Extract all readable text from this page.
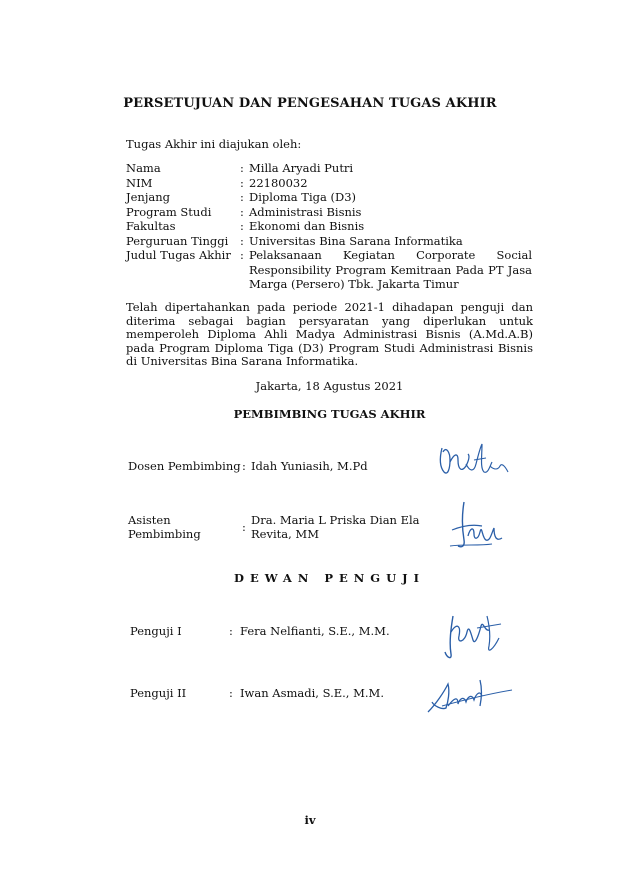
PERSETUJUAN DAN PENGESAHAN TUGAS AKHIR
Tugas Akhir ini diajukan oleh:
Nama	:	Milla Aryadi Putri
NIM	:	22180032
Jenjang	:	Diploma Tiga (D3)
Program Studi	:	Administrasi Bisnis
Fakultas	:	Ekonomi dan Bisnis
Perguruan Tinggi	:	Universitas Bina Sarana Informatika
Judul Tugas Akhir	:	Pelaksanaan Kegiatan Corporate Social
Responsibility Program Kemitraan Pada PT Jasa
Marga (Persero) Tbk. Jakarta Timur
Telah dipertahankan pada periode 2021-1 dihadapan penguji dan diterima sebagai bagian persyaratan yang diperlukan untuk memperoleh Diploma Ahli Madya Administrasi Bisnis (A.Md.A.B) pada Program Diploma Tiga (D3) Program Studi Administrasi Bisnis di Universitas Bina Sarana Informatika.
Jakarta, 18 Agustus 2021
PEMBIMBING TUGAS AKHIR
Dosen Pembimbing : Idah Yuniasih, M.Pd
Asisten
Pembimbing	: Dra. Maria L Priska Dian Ela
Revita, MM
DEWAN PENGUJI
Penguji I	: Fera Nelfianti, S.E., M.M.
Penguji II	: Iwan Asmadi, S.E., M.M.
iv
